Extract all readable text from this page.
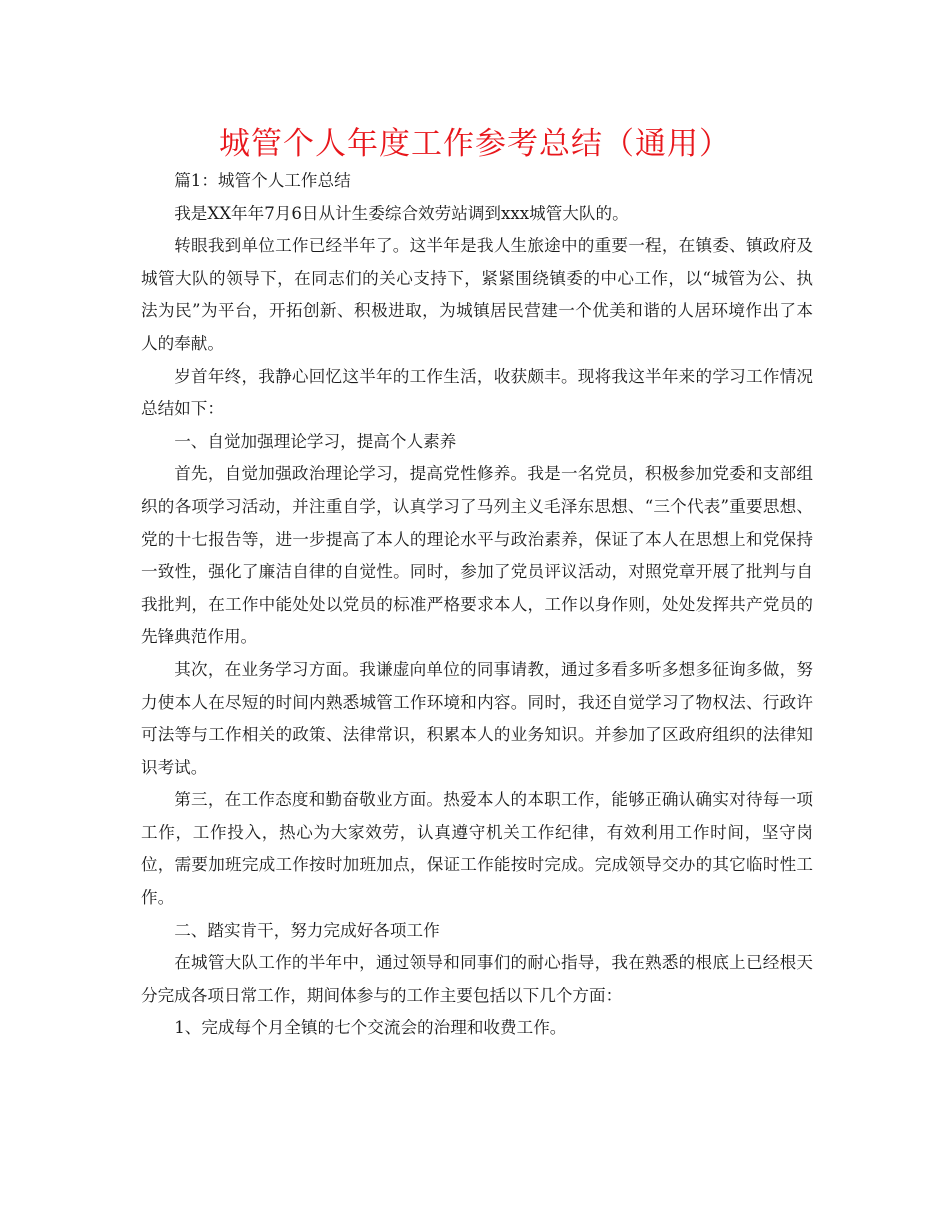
城管个人年度工作参考总结（通用）

篇1：城管个人工作总结

我是XX年年7月6日从计生委综合效劳站调到xxx城管大队的。

转眼我到单位工作已经半年了。这半年是我人生旅途中的重要一程，在镇委、镇政府及城管大队的领导下，在同志们的关心支持下，紧紧围绕镇委的中心工作，以“城管为公、执法为民”为平台，开拓创新、积极进取，为城镇居民营建一个优美和谐的人居环境作出了本人的奉献。

岁首年终，我静心回忆这半年的工作生活，收获颇丰。现将我这半年来的学习工作情况总结如下：

一、自觉加强理论学习，提高个人素养

首先，自觉加强政治理论学习，提高党性修养。我是一名党员，积极参加党委和支部组织的各项学习活动，并注重自学，认真学习了马列主义毛泽东思想、“三个代表”重要思想、党的十七报告等，进一步提高了本人的理论水平与政治素养，保证了本人在思想上和党保持一致性，强化了廉洁自律的自觉性。同时，参加了党员评议活动，对照党章开展了批判与自我批判，在工作中能处处以党员的标准严格要求本人，工作以身作则，处处发挥共产党员的先锋典范作用。

其次，在业务学习方面。我谦虚向单位的同事请教，通过多看多听多想多征询多做，努力使本人在尽短的时间内熟悉城管工作环境和内容。同时，我还自觉学习了物权法、行政许可法等与工作相关的政策、法律常识，积累本人的业务知识。并参加了区政府组织的法律知识考试。

第三，在工作态度和勤奋敬业方面。热爱本人的本职工作，能够正确认确实对待每一项工作，工作投入，热心为大家效劳，认真遵守机关工作纪律，有效利用工作时间，坚守岗位，需要加班完成工作按时加班加点，保证工作能按时完成。完成领导交办的其它临时性工作。

二、踏实肯干，努力完成好各项工作

在城管大队工作的半年中，通过领导和同事们的耐心指导，我在熟悉的根底上已经根天分完成各项日常工作，期间体参与的工作主要包括以下几个方面：

1、完成每个月全镇的七个交流会的治理和收费工作。
